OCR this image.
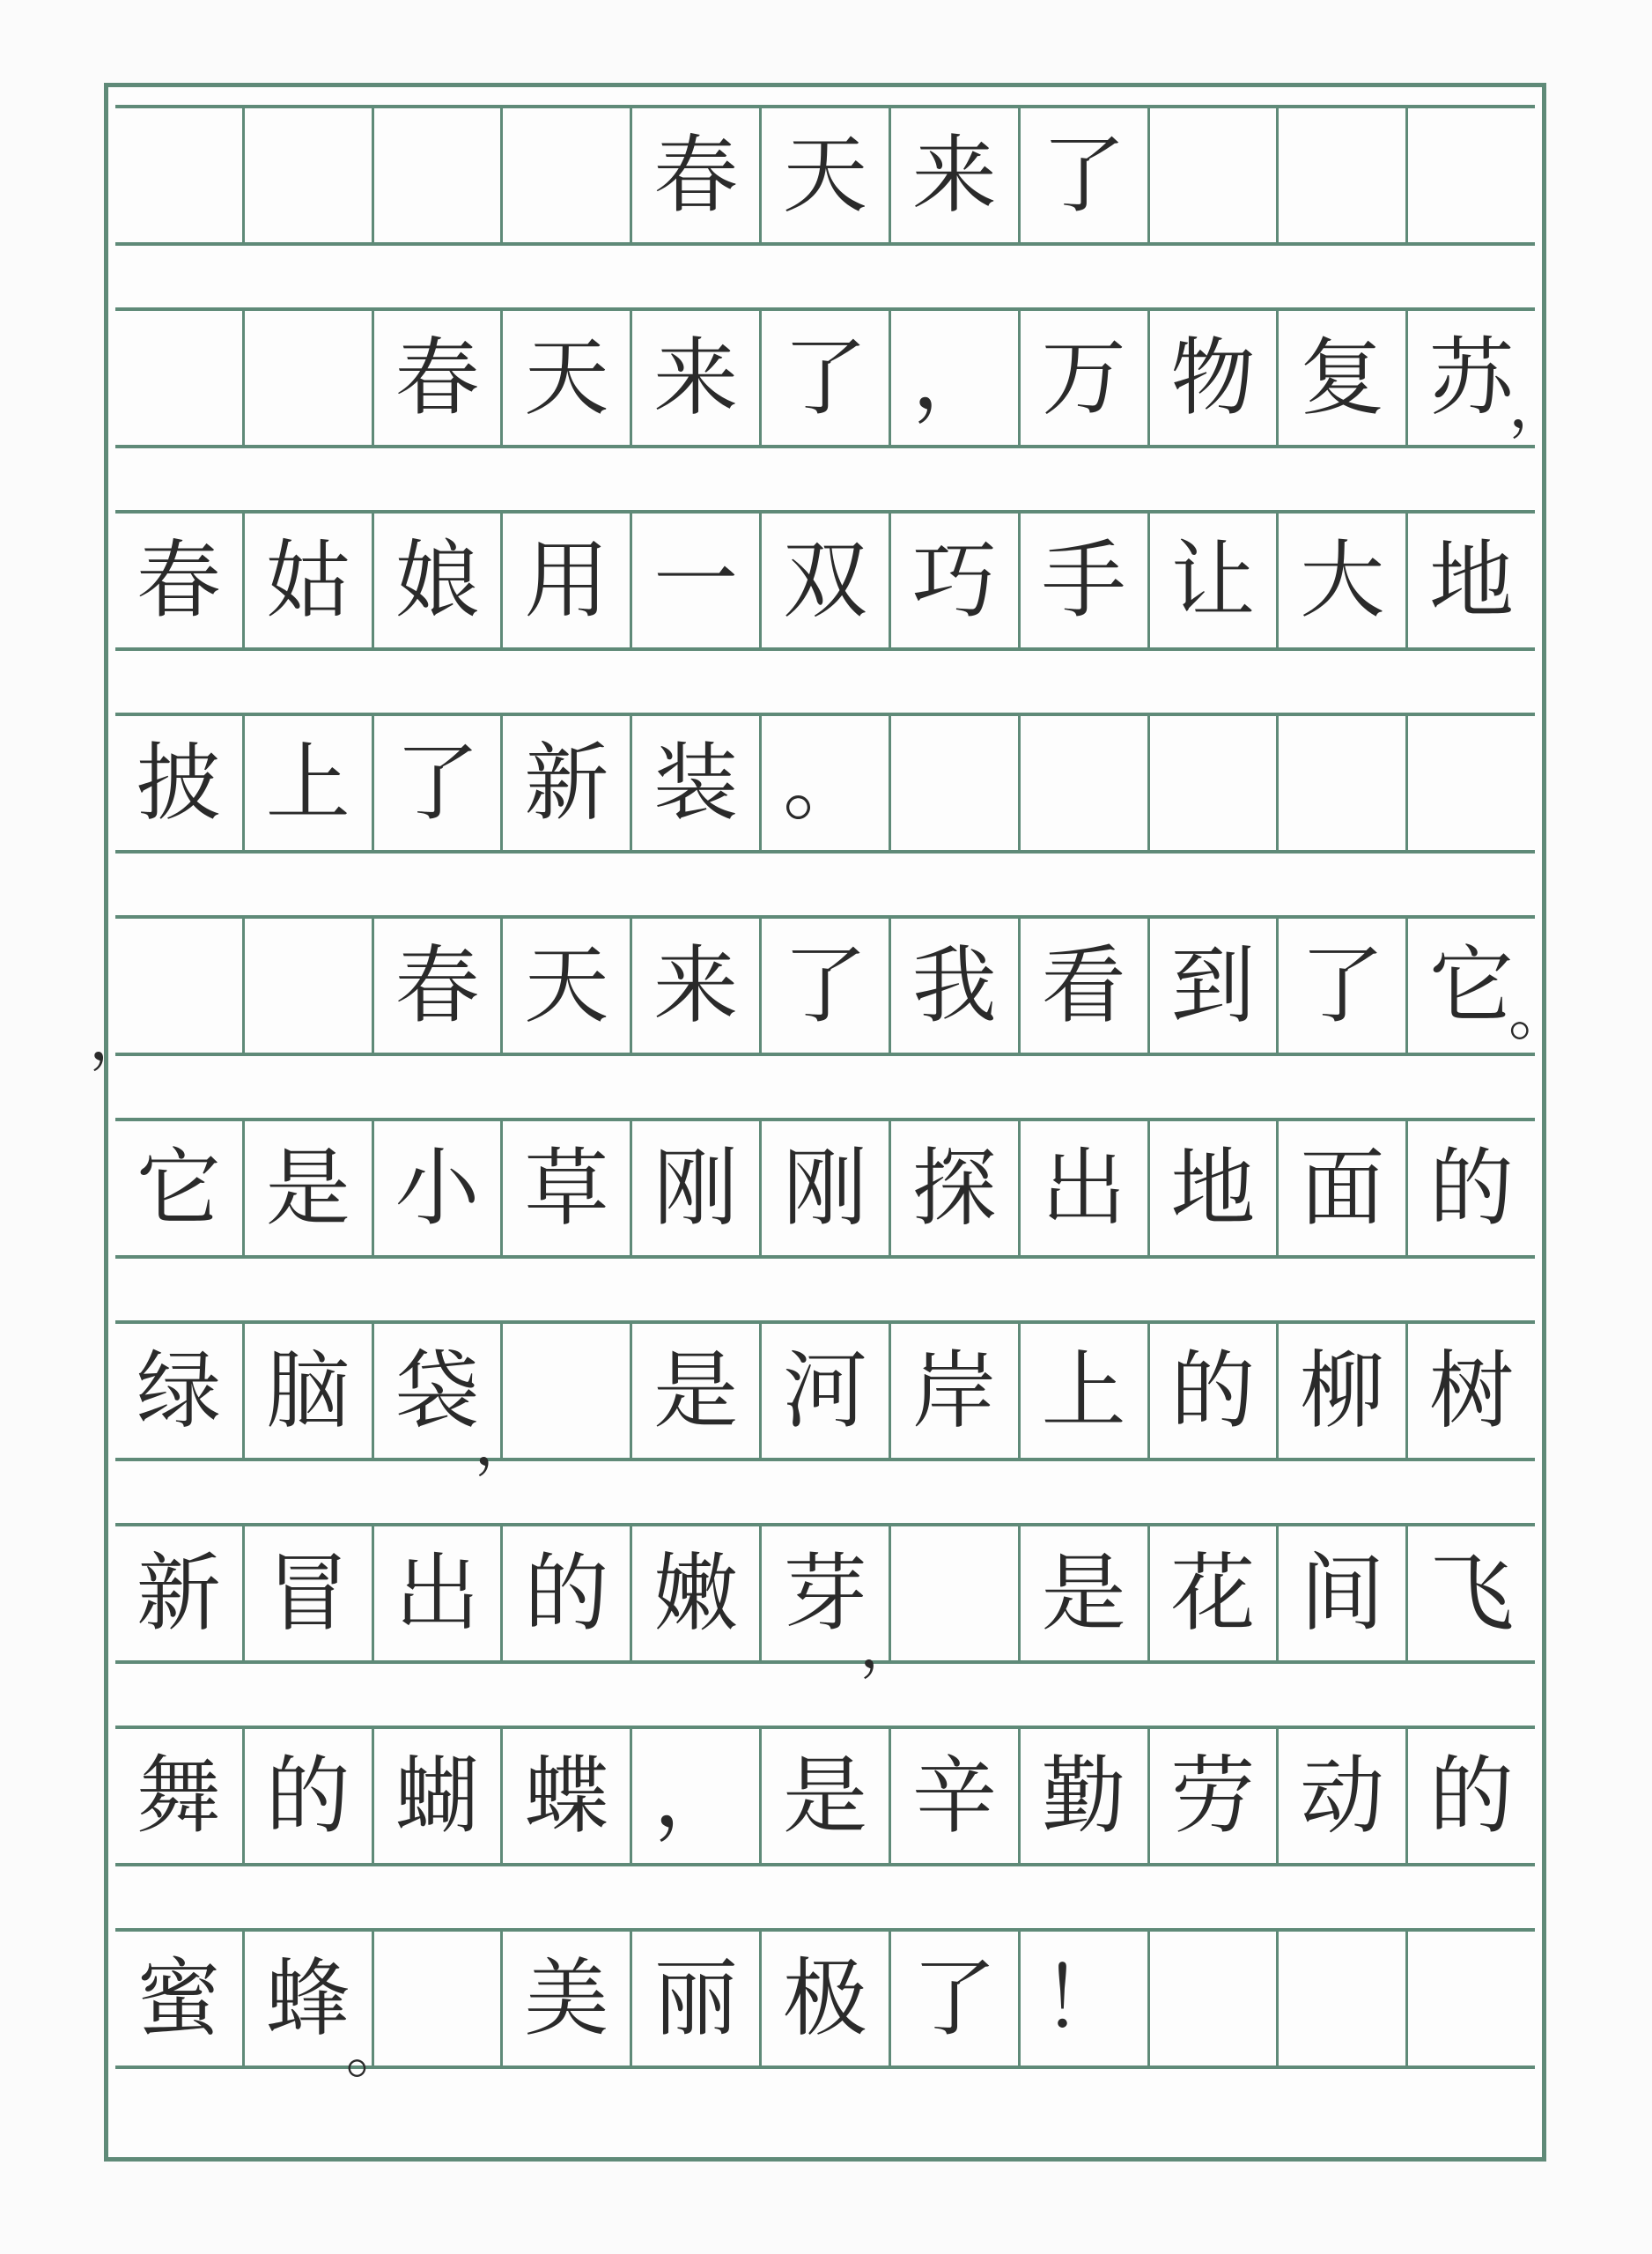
春 天 来 了
春 天 来 了 ， 万 物 复 苏
，
春 姑 娘 用 一 双 巧 手 让 大 地
披 上 了 新 装 。
春 天 来 了 我 看 到 了 它
，	。
它 是 小 草 刚 刚 探 出 地 面 的
绿 脑 袋 是 河 岸 上 的 柳 树
，
新 冒 出 的 嫩 芽 是 花 间 飞
，
舞 的 蝴 蝶 ， 是 辛 勤 劳 动 的
蜜 蜂 美 丽 极 了 ！
。
